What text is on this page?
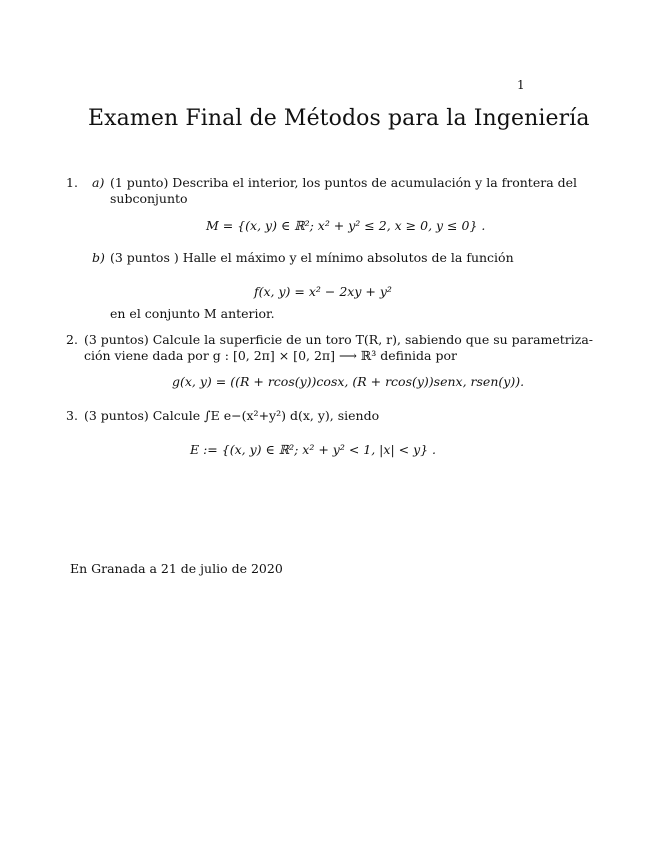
1
Examen Final de Métodos para la Ingeniería
1. a) (1 punto) Describa el interior, los puntos de acumulación y la frontera del
subconjunto
M = {(x, y) ∈ ℝ²; x² + y² ≤ 2, x ≥ 0, y ≤ 0} .
b) (3 puntos ) Halle el máximo y el mínimo absolutos de la función
f(x, y) = x² − 2xy + y²
en el conjunto M anterior.
2. (3 puntos) Calcule la superficie de un toro T(R, r), sabiendo que su parametriza-
ción viene dada por g : [0, 2π] × [0, 2π] ⟶ ℝ³ definida por
g(x, y) = ((R + rcos(y))cosx, (R + rcos(y))senx, rsen(y)).
3. (3 puntos) Calcule ∫E e−(x²+y²) d(x, y), siendo
E := {(x, y) ∈ ℝ²; x² + y² < 1, |x| < y} .
En Granada a 21 de julio de 2020
